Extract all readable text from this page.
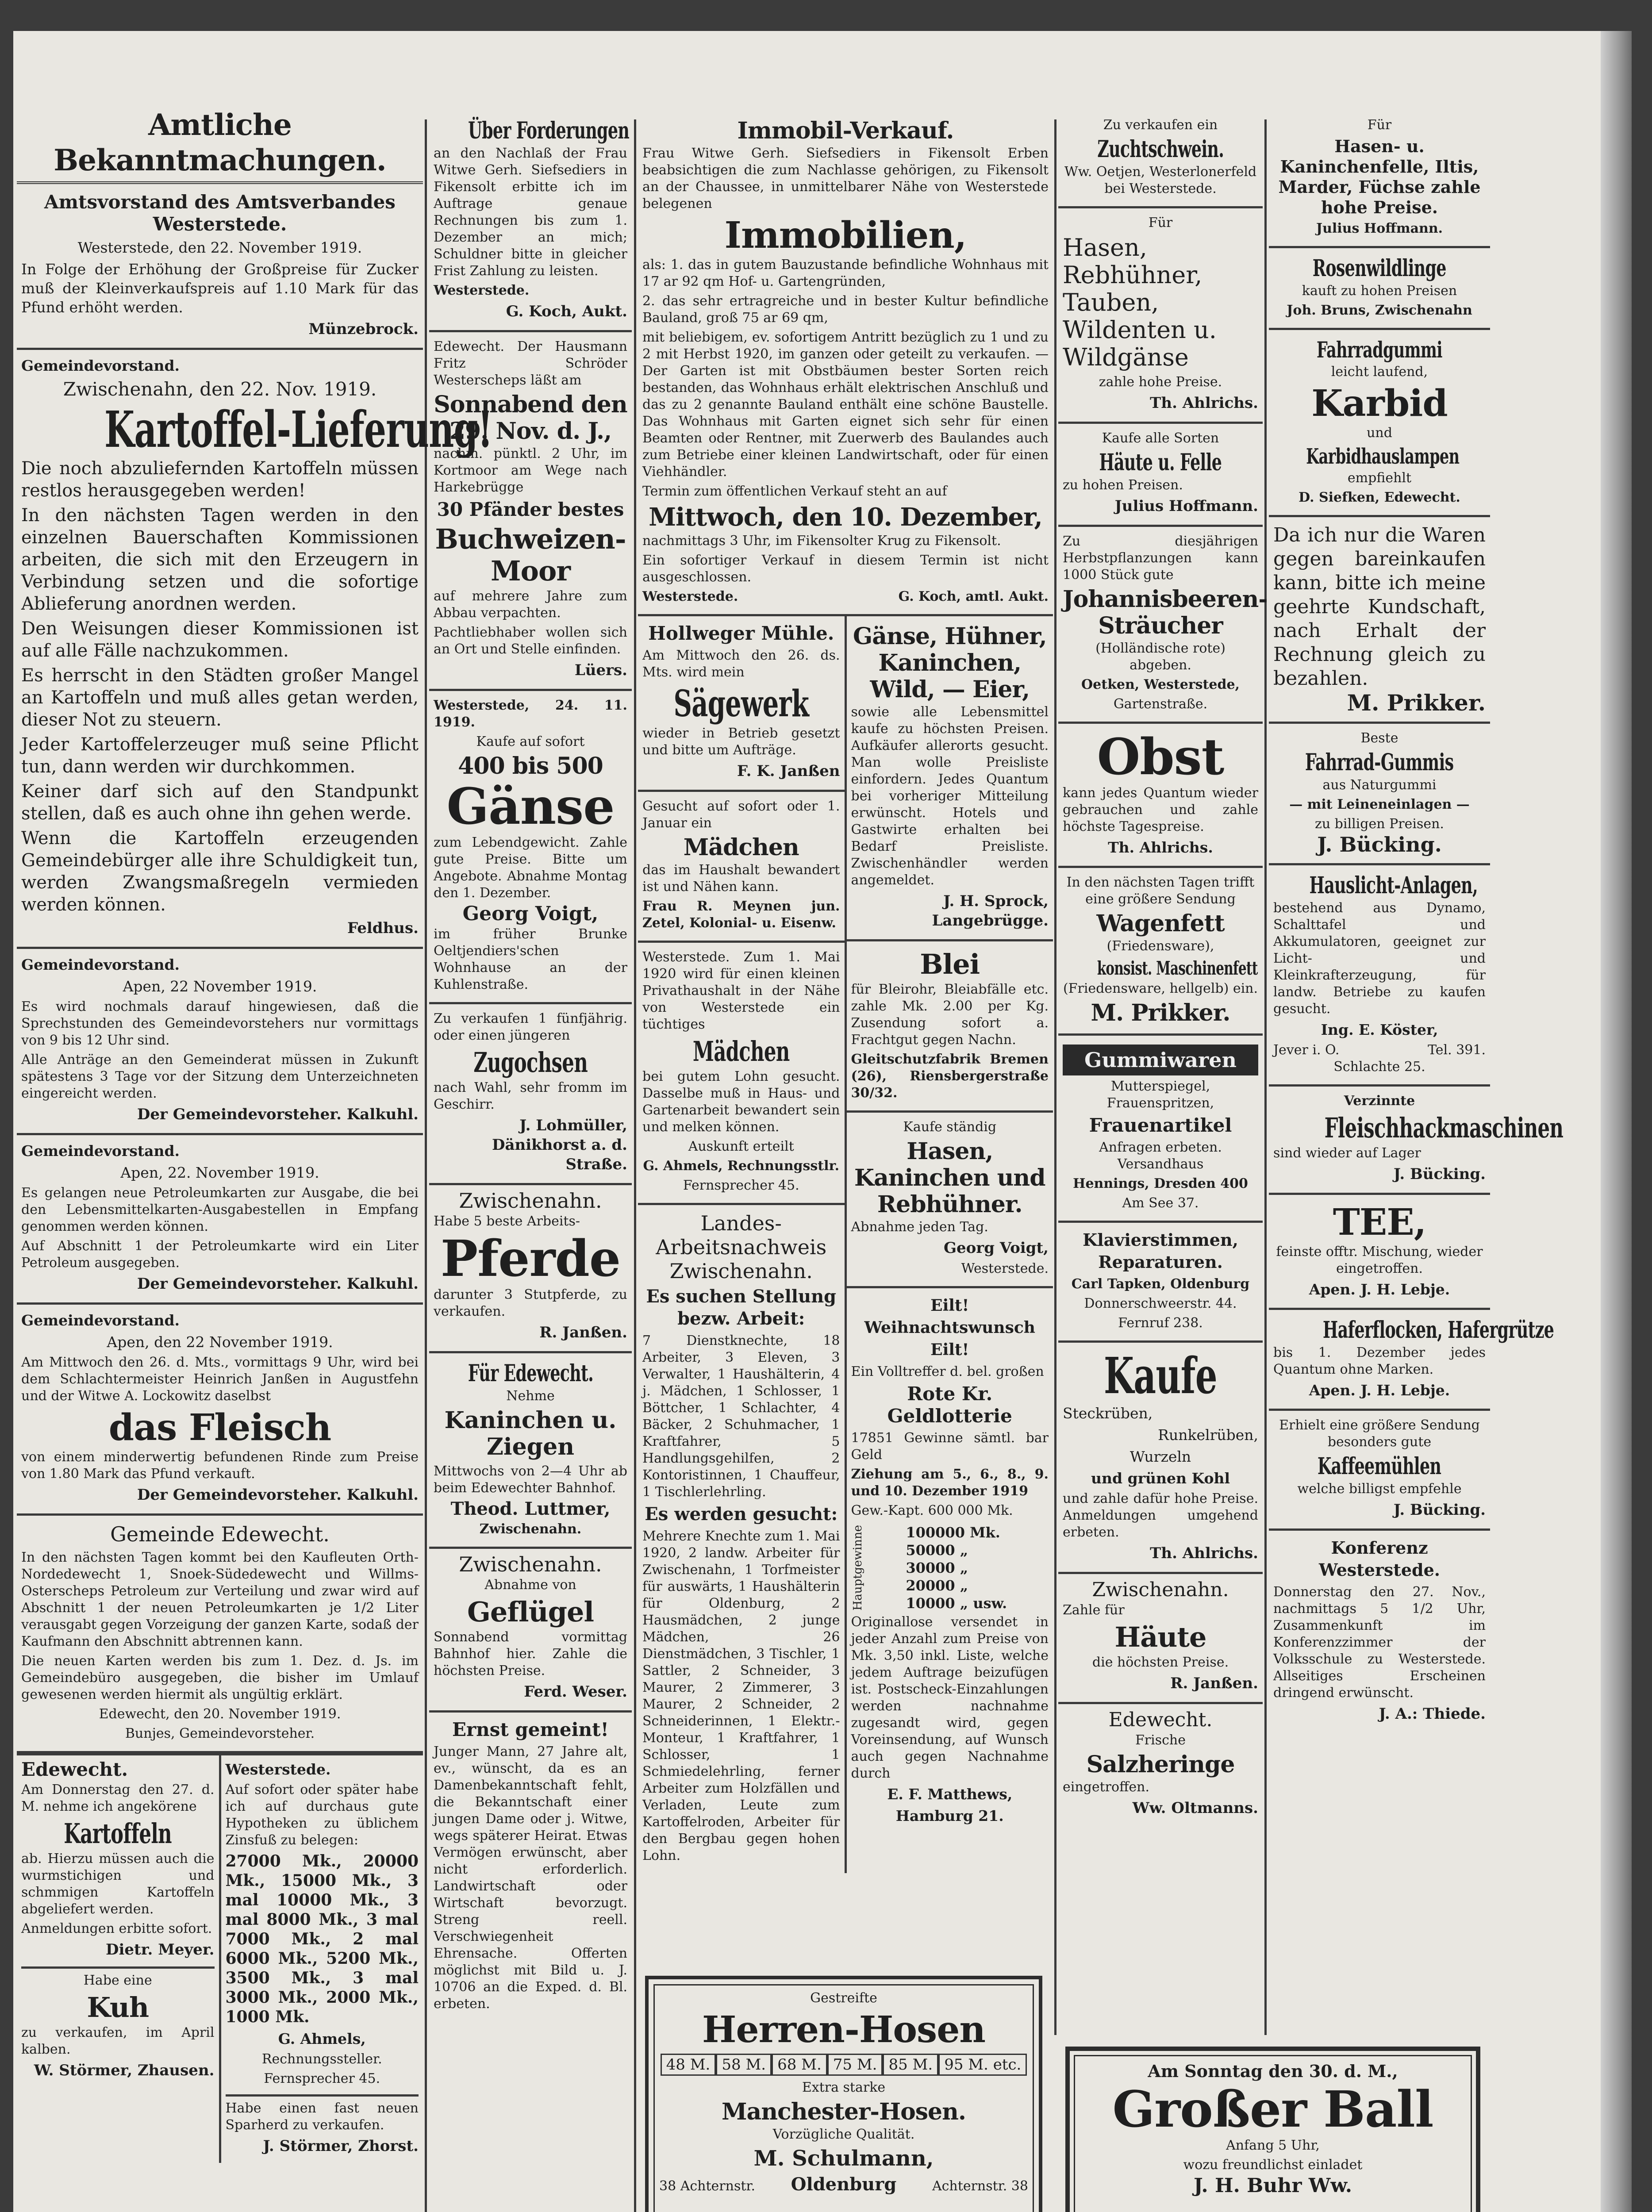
Amtliche Bekanntmachungen.

Amtsvorstand des Amtsverbandes Westerstede.

Westerstede, den 22. November 1919.

In Folge der Erhöhung der Großpreise für Zucker muß der Kleinverkaufspreis auf 1.10 Mark für das Pfund erhöht werden.

Münzebrock.

Gemeindevorstand.

Zwischenahn, den 22. Nov. 1919.

Kartoffel-Lieferung!

Die noch abzuliefernden Kartoffeln müssen restlos herausgegeben werden!

In den nächsten Tagen werden in den einzelnen Bauerschaften Kommissionen arbeiten, die sich mit den Erzeugern in Verbindung setzen und die sofortige Ablieferung anordnen werden.

Den Weisungen dieser Kommissionen ist auf alle Fälle nachzukommen.

Es herrscht in den Städten großer Mangel an Kartoffeln und muß alles getan werden, dieser Not zu steuern.

Jeder Kartoffelerzeuger muß seine Pflicht tun, dann werden wir durchkommen.

Keiner darf sich auf den Standpunkt stellen, daß es auch ohne ihn gehen werde.

Wenn die Kartoffeln erzeugenden Gemeindebürger alle ihre Schuldigkeit tun, werden Zwangsmaßregeln vermieden werden können.

Feldhus.

Gemeindevorstand.

Apen, 22 November 1919.

Es wird nochmals darauf hingewiesen, daß die Sprechstunden des Gemeindevorstehers nur vormittags von 9 bis 12 Uhr sind.

Alle Anträge an den Gemeinderat müssen in Zukunft spätestens 3 Tage vor der Sitzung dem Unterzeichneten eingereicht werden.

Der Gemeindevorsteher. Kalkuhl.

Gemeindevorstand.

Apen, 22. November 1919.

Es gelangen neue Petroleumkarten zur Ausgabe, die bei den Lebensmittelkarten-Ausgabestellen in Empfang genommen werden können.

Auf Abschnitt 1 der Petroleumkarte wird ein Liter Petroleum ausgegeben.

Der Gemeindevorsteher. Kalkuhl.

Gemeindevorstand.

Apen, den 22 November 1919.

Am Mittwoch den 26. d. Mts., vormittags 9 Uhr, wird bei dem Schlachtermeister Heinrich Janßen in Augustfehn und der Witwe A. Lockowitz daselbst

das Fleisch

von einem minderwertig befundenen Rinde zum Preise von 1.80 Mark das Pfund verkauft.

Der Gemeindevorsteher. Kalkuhl.

Gemeinde Edewecht.

In den nächsten Tagen kommt bei den Kaufleuten Orth-Nordedewecht 1, Snoek-Südedewecht und Willms-Osterscheps Petroleum zur Verteilung und zwar wird auf Abschnitt 1 der neuen Petroleumkarten je 1/2 Liter verausgabt gegen Vorzeigung der ganzen Karte, sodaß der Kaufmann den Abschnitt abtrennen kann.

Die neuen Karten werden bis zum 1. Dez. d. Js. im Gemeindebüro ausgegeben, die bisher im Umlauf gewesenen werden hiermit als ungültig erklärt.

Edewecht, den 20. November 1919.

Bunjes, Gemeindevorsteher.

Edewecht.

Am Donnerstag den 27. d. M. nehme ich angekörene

Kartoffeln

ab. Hierzu müssen auch die wurmstichigen und schmmigen Kartoffeln abgeliefert werden.

Anmeldungen erbitte sofort.

Dietr. Meyer.

Habe eine

Kuh

zu verkaufen, im April kalben.

W. Störmer, Zhausen.

Westerstede.

Auf sofort oder später habe ich auf durchaus gute Hypotheken zu üblichem Zinsfuß zu belegen:

27000 Mk., 20000 Mk., 15000 Mk., 3 mal 10000 Mk., 3 mal 8000 Mk., 3 mal 7000 Mk., 2 mal 6000 Mk., 5200 Mk., 3500 Mk., 3 mal 3000 Mk., 2000 Mk., 1000 Mk.

G. Ahmels,

Rechnungssteller.

Fernsprecher 45.

Habe einen fast neuen Sparherd zu verkaufen.

J. Störmer, Zhorst.

Über Forderungen

an den Nachlaß der Frau Witwe Gerh. Siefsediers in Fikensolt erbitte ich im Auftrage genaue Rechnungen bis zum 1. Dezember an mich; Schuldner bitte in gleicher Frist Zahlung zu leisten.

Westerstede.

G. Koch, Aukt.

Edewecht. Der Hausmann Fritz Schröder Westerscheps läßt am

Sonnabend den 29. Nov. d. J.,

nachm. pünktl. 2 Uhr, im Kortmoor am Wege nach Harkebrügge

30 Pfänder bestes

Buchweizen-Moor

auf mehrere Jahre zum Abbau verpachten.

Pachtliebhaber wollen sich an Ort und Stelle einfinden.

Lüers.

Westerstede, 24. 11. 1919.

Kaufe auf sofort

400 bis 500
Gänse

zum Lebendgewicht. Zahle gute Preise. Bitte um Angebote. Abnahme Montag den 1. Dezember.

Georg Voigt,

im früher Brunke Oeltjendiers'schen Wohnhause an der Kuhlenstraße.

Zu verkaufen 1 fünfjährig. oder einen jüngeren

Zugochsen

nach Wahl, sehr fromm im Geschirr.

J. Lohmüller, Dänikhorst a. d. Straße.

Zwischenahn.

Habe 5 beste Arbeits-

Pferde

darunter 3 Stutpferde, zu verkaufen.

R. Janßen.

Für Edewecht.

Nehme

Kaninchen u. Ziegen

Mittwochs von 2—4 Uhr ab beim Edewechter Bahnhof.

Theod. Luttmer,

Zwischenahn.

Zwischenahn.

Abnahme von

Geflügel

Sonnabend vormittag Bahnhof hier. Zahle die höchsten Preise.

Ferd. Weser.

Ernst gemeint!

Junger Mann, 27 Jahre alt, ev., wünscht, da es an Damenbekanntschaft fehlt, die Bekanntschaft einer jungen Dame oder j. Witwe, wegs späterer Heirat. Etwas Vermögen erwünscht, aber nicht erforderlich. Landwirtschaft oder Wirtschaft bevorzugt. Streng reell. Verschwiegenheit Ehrensache. Offerten möglichst mit Bild u. J. 10706 an die Exped. d. Bl. erbeten.

Immobil-Verkauf.

Frau Witwe Gerh. Siefsediers in Fikensolt Erben beabsichtigen die zum Nachlasse gehörigen, zu Fikensolt an der Chaussee, in unmittelbarer Nähe von Westerstede belegenen

Immobilien,

als: 1. das in gutem Bauzustande befindliche Wohnhaus mit 17 ar 92 qm Hof- u. Gartengründen,

2. das sehr ertragreiche und in bester Kultur befindliche Bauland, groß 75 ar 69 qm,

mit beliebigem, ev. sofortigem Antritt bezüglich zu 1 und zu 2 mit Herbst 1920, im ganzen oder geteilt zu verkaufen. — Der Garten ist mit Obstbäumen bester Sorten reich bestanden, das Wohnhaus erhält elektrischen Anschluß und das zu 2 genannte Bauland enthält eine schöne Baustelle. Das Wohnhaus mit Garten eignet sich sehr für einen Beamten oder Rentner, mit Zuerwerb des Baulandes auch zum Betriebe einer kleinen Landwirtschaft, oder für einen Viehhändler.

Termin zum öffentlichen Verkauf steht an auf

Mittwoch, den 10. Dezember,

nachmittags 3 Uhr, im Fikensolter Krug zu Fikensolt.

Ein sofortiger Verkauf in diesem Termin ist nicht ausgeschlossen.

Westerstede.	G. Koch, amtl. Aukt.

Hollweger Mühle.

Am Mittwoch den 26. ds. Mts. wird mein

Sägewerk

wieder in Betrieb gesetzt und bitte um Aufträge.

F. K. Janßen

Gesucht auf sofort oder 1. Januar ein

Mädchen

das im Haushalt bewandert ist und Nähen kann.

Frau R. Meynen jun. Zetel, Kolonial- u. Eisenw.

Westerstede. Zum 1. Mai 1920 wird für einen kleinen Privathaushalt in der Nähe von Westerstede ein tüchtiges

Mädchen

bei gutem Lohn gesucht. Dasselbe muß in Haus- und Gartenarbeit bewandert sein und melken können.

Auskunft erteilt

G. Ahmels, Rechnungsstlr.

Fernsprecher 45.

Landes-Arbeitsnachweis Zwischenahn.

Es suchen Stellung bezw. Arbeit:

7 Dienstknechte, 18 Arbeiter, 3 Eleven, 3 Verwalter, 1 Haushälterin, 4 j. Mädchen, 1 Schlosser, 1 Böttcher, 1 Schlachter, 4 Bäcker, 2 Schuhmacher, 1 Kraftfahrer, 5 Handlungsgehilfen, 2 Kontoristinnen, 1 Chauffeur, 1 Tischlerlehrling.

Es werden gesucht:

Mehrere Knechte zum 1. Mai 1920, 2 landw. Arbeiter für Zwischenahn, 1 Torfmeister für auswärts, 1 Haushälterin für Oldenburg, 2 Hausmädchen, 2 junge Mädchen, 26 Dienstmädchen, 3 Tischler, 1 Sattler, 2 Schneider, 3 Maurer, 2 Zimmerer, 3 Maurer, 2 Schneider, 2 Schneiderinnen, 1 Elektr.-Monteur, 1 Kraftfahrer, 1 Schlosser, 1 Schmiedelehrling, ferner Arbeiter zum Holzfällen und Verladen, Leute zum Kartoffelroden, Arbeiter für den Bergbau gegen hohen Lohn.

Gänse, Hühner, Kaninchen, Wild, — Eier,

sowie alle Lebensmittel kaufe zu höchsten Preisen. Aufkäufer allerorts gesucht. Man wolle Preisliste einfordern. Jedes Quantum bei vorheriger Mitteilung erwünscht. Hotels und Gastwirte erhalten bei Bedarf Preisliste. Zwischenhändler werden angemeldet.

J. H. Sprock, Langebrügge.

Blei

für Bleirohr, Bleiabfälle etc. zahle Mk. 2.00 per Kg. Zusendung sofort a. Frachtgut gegen Nachn.

Gleitschutzfabrik Bremen (26), Riensbergerstraße 30/32.

Kaufe ständig

Hasen, Kaninchen und Rebhühner.

Abnahme jeden Tag.

Georg Voigt,

Westerstede.

Eilt! Weihnachtswunsch Eilt!

Ein Volltreffer d. bel. großen

Rote Kr. Geldlotterie

17851 Gewinne sämtl. bar Geld

Ziehung am 5., 6., 8., 9. und 10. Dezember 1919

Gew.-Kapt. 600 000 Mk.

Hauptgewinne	100000 Mk.
50000 „
30000 „
20000 „
10000 „ usw.

Originallose versendet in jeder Anzahl zum Preise von Mk. 3,50 inkl. Liste, welche jedem Auftrage beizufügen ist. Postscheck-Einzahlungen werden nachnahme zugesandt wird, gegen Voreinsendung, auf Wunsch auch gegen Nachnahme durch

E. F. Matthews,

Hamburg 21.

Gestreifte

Herren-Hosen
48 M. 58 M. 68 M. 75 M. 85 M. 95 M. etc.

Extra starke

Manchester-Hosen.

Vorzügliche Qualität.

M. Schulmann,

38 Achternstr. Oldenburg	Achternstr. 38

Zu verkaufen ein

Zuchtschwein.

Ww. Oetjen, Westerlonerfeld bei Westerstede.

Für

Hasen, Rebhühner, Tauben, Wildenten u. Wildgänse

zahle hohe Preise.

Th. Ahlrichs.

Kaufe alle Sorten

Häute u. Felle

zu hohen Preisen.

Julius Hoffmann.

Zu diesjährigen Herbstpflanzungen kann 1000 Stück gute

Johannisbeeren-Sträucher

(Holländische rote) abgeben.

Oetken, Westerstede,

Gartenstraße.

Obst

kann jedes Quantum wieder gebrauchen und zahle höchste Tagespreise.

Th. Ahlrichs.

In den nächsten Tagen trifft eine größere Sendung

Wagenfett

(Friedensware),

konsist. Maschinenfett

(Friedensware, hellgelb) ein.

M. Prikker.
Gummiwaren

Mutterspiegel, Frauenspritzen,

Frauenartikel

Anfragen erbeten. Versandhaus

Hennings, Dresden 400

Am See 37.

Klavierstimmen, Reparaturen.

Carl Tapken, Oldenburg

Donnerschweerstr. 44.

Fernruf 238.

Kaufe

Steckrüben,

Runkelrüben,

Wurzeln

und grünen Kohl

und zahle dafür hohe Preise. Anmeldungen umgehend erbeten.

Th. Ahlrichs.

Zwischenahn.

Zahle für

Häute

die höchsten Preise.

R. Janßen.

Edewecht.

Frische

Salzheringe

eingetroffen.

Ww. Oltmanns.

Für

Hasen- u. Kaninchenfelle, Iltis, Marder, Füchse zahle hohe Preise.

Julius Hoffmann.

Rosenwildlinge

kauft zu hohen Preisen

Joh. Bruns, Zwischenahn

Fahrradgummi

leicht laufend,

Karbid

und

Karbidhauslampen

empfiehlt

D. Siefken, Edewecht.

Da ich nur die Waren gegen bareinkaufen kann, bitte ich meine geehrte Kundschaft, nach Erhalt der Rechnung gleich zu bezahlen.

M. Prikker.

Beste

Fahrrad-Gummis

aus Naturgummi

— mit Leineneinlagen —

zu billigen Preisen.

J. Bücking.

Hauslicht-Anlagen,

bestehend aus Dynamo, Schalttafel und Akkumulatoren, geeignet zur Licht- und Kleinkrafterzeugung, für landw. Betriebe zu kaufen gesucht.

Ing. E. Köster,

Jever i. O.	Tel. 391.

Schlachte 25.

Verzinnte

Fleischhackmaschinen

sind wieder auf Lager

J. Bücking.

TEE,

feinste offtr. Mischung, wieder eingetroffen.

Apen. J. H. Lebje.

Haferflocken, Hafergrütze

bis 1. Dezember jedes Quantum ohne Marken.

Apen. J. H. Lebje.

Erhielt eine größere Sendung besonders gute

Kaffeemühlen

welche billigst empfehle

J. Bücking.

Konferenz Westerstede.

Donnerstag den 27. Nov., nachmittags 5 1/2 Uhr, Zusammenkunft im Konferenzzimmer der Volksschule zu Westerstede. Allseitiges Erscheinen dringend erwünscht.

J. A.: Thiede.

Am Sonntag den 30. d. M.,

Großer Ball

Anfang 5 Uhr,

wozu freundlichst einladet

J. H. Buhr Ww.
